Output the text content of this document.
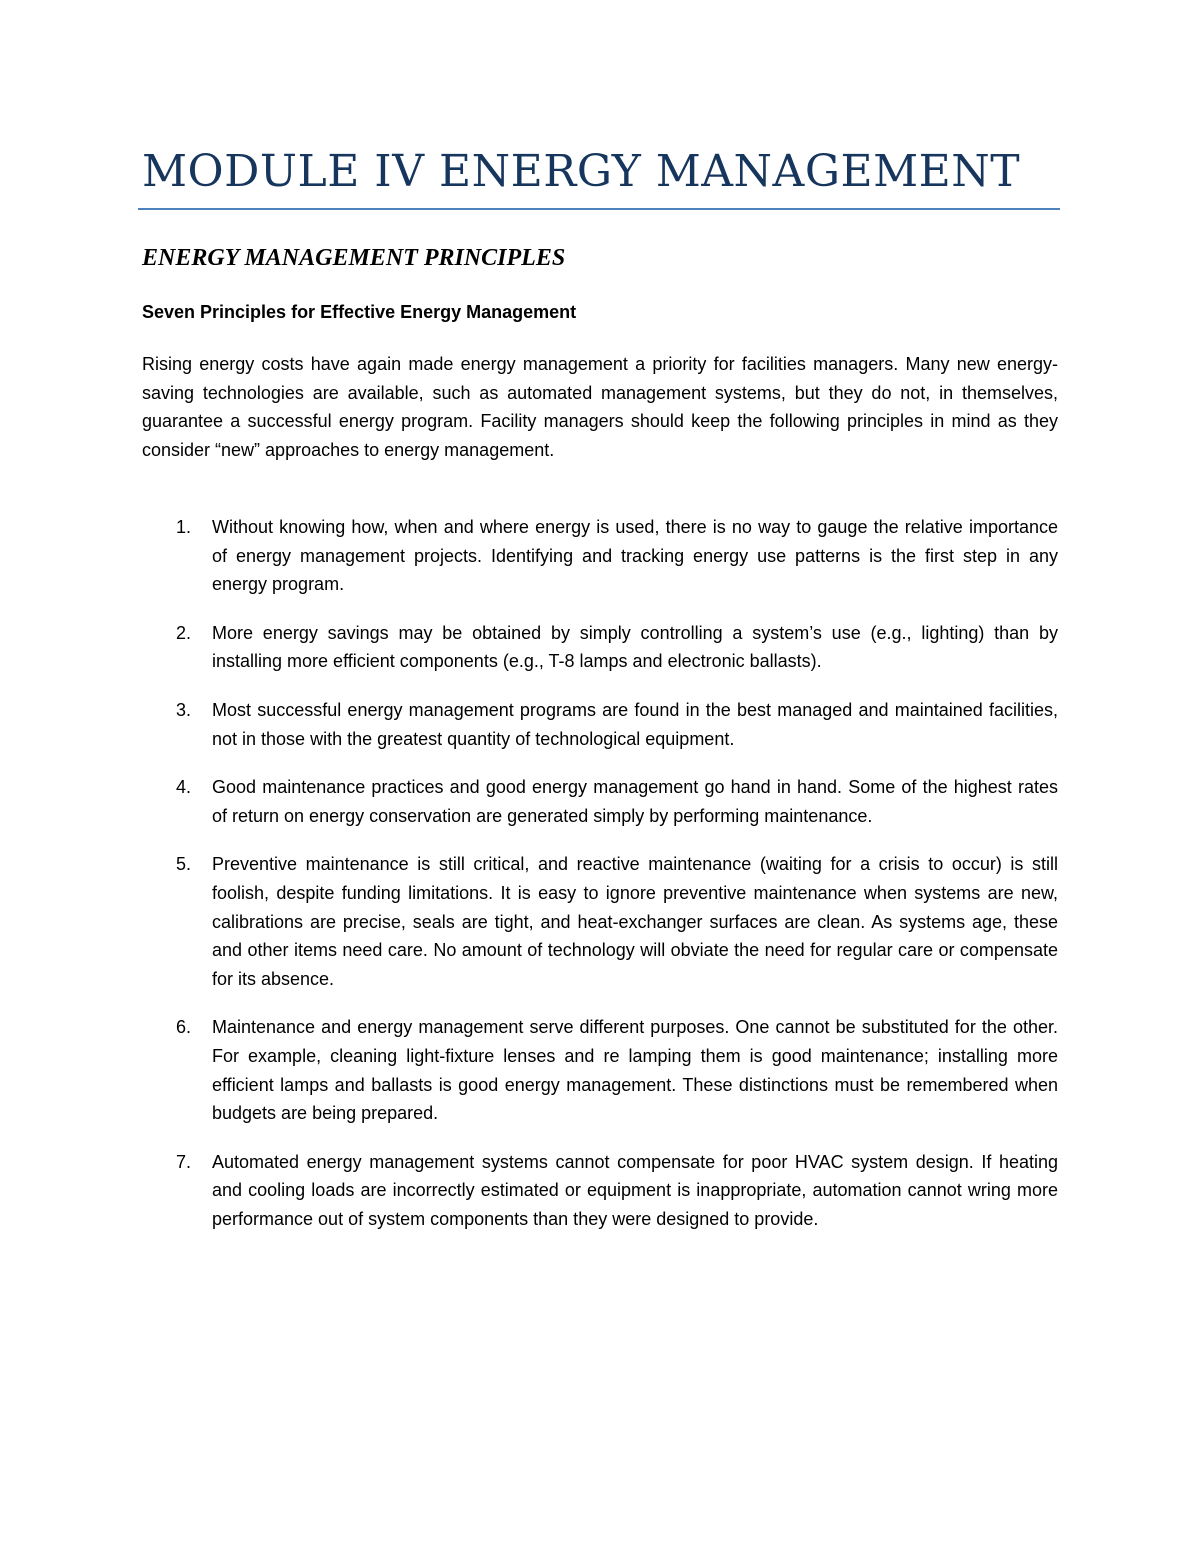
MODULE IV ENERGY MANAGEMENT
ENERGY MANAGEMENT PRINCIPLES
Seven Principles for Effective Energy Management

Rising energy costs have again made energy management a priority for facilities managers. Many new energy-saving technologies are available, such as automated management systems, but they do not, in themselves, guarantee a successful energy program. Facility managers should keep the following principles in mind as they consider “new” approaches to energy management.

1. Without knowing how, when and where energy is used, there is no way to gauge the relative importance of energy management projects. Identifying and tracking energy use patterns is the first step in any energy program.
2. More energy savings may be obtained by simply controlling a system’s use (e.g., lighting) than by installing more efficient components (e.g., T-8 lamps and electronic ballasts).
3. Most successful energy management programs are found in the best managed and maintained facilities, not in those with the greatest quantity of technological equipment.
4. Good maintenance practices and good energy management go hand in hand. Some of the highest rates of return on energy conservation are generated simply by performing maintenance.
5. Preventive maintenance is still critical, and reactive maintenance (waiting for a crisis to occur) is still foolish, despite funding limitations. It is easy to ignore preventive maintenance when systems are new, calibrations are precise, seals are tight, and heat-exchanger surfaces are clean. As systems age, these and other items need care. No amount of technology will obviate the need for regular care or compensate for its absence.
6. Maintenance and energy management serve different purposes. One cannot be substituted for the other. For example, cleaning light-fixture lenses and re lamping them is good maintenance; installing more efficient lamps and ballasts is good energy management. These distinctions must be remembered when budgets are being prepared.
7. Automated energy management systems cannot compensate for poor HVAC system design. If heating and cooling loads are incorrectly estimated or equipment is inappropriate, automation cannot wring more performance out of system components than they were designed to provide.
